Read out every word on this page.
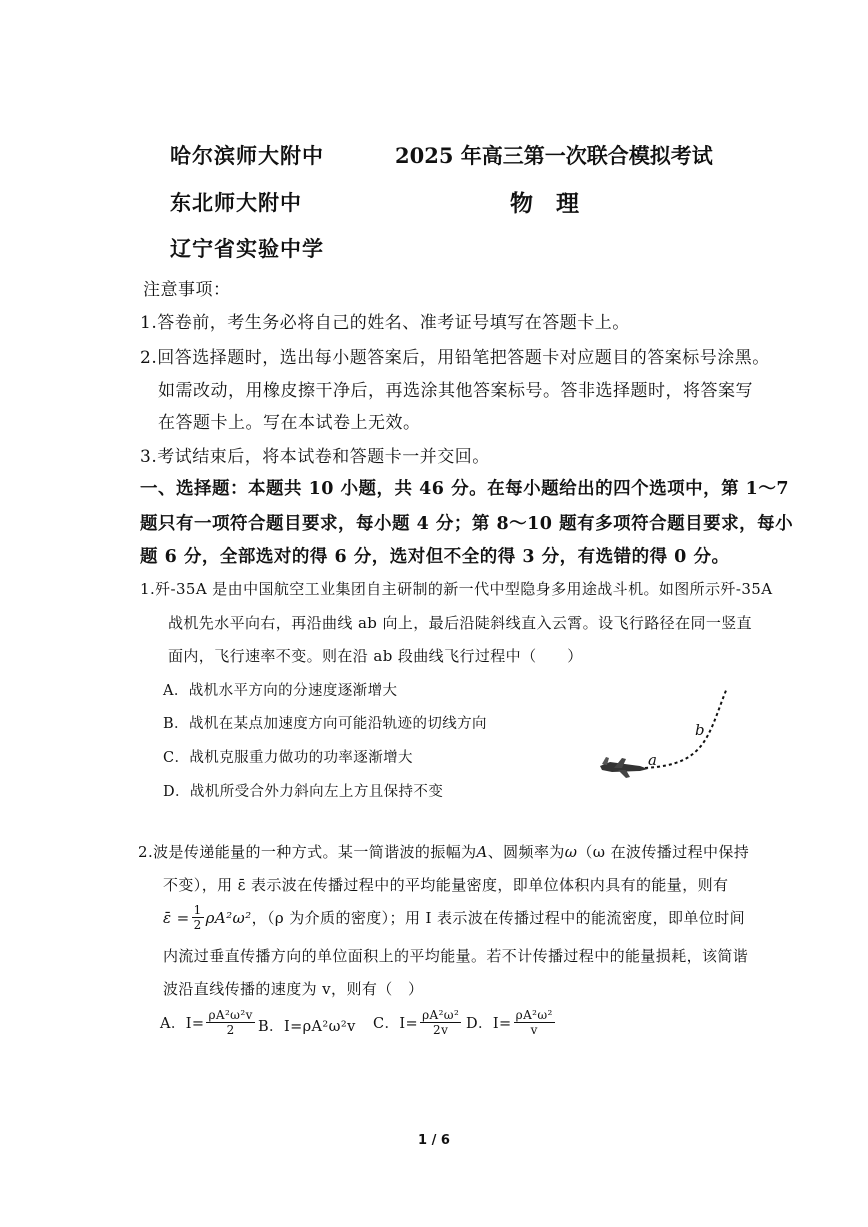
哈尔滨师大附中
东北师大附中
辽宁省实验中学
2025 年高三第一次联合模拟考试
物　理
注意事项：
1.答卷前，考生务必将自己的姓名、准考证号填写在答题卡上。
2.回答选择题时，选出每小题答案后，用铅笔把答题卡对应题目的答案标号涂黑。
如需改动，用橡皮擦干净后，再选涂其他答案标号。答非选择题时，将答案写
在答题卡上。写在本试卷上无效。
3.考试结束后，将本试卷和答题卡一并交回。
一、选择题：本题共 10 小题，共 46 分。在每小题给出的四个选项中，第 1～7
题只有一项符合题目要求，每小题 4 分；第 8～10 题有多项符合题目要求，每小
题 6 分，全部选对的得 6 分，选对但不全的得 3 分，有选错的得 0 分。
1.歼-35A 是由中国航空工业集团自主研制的新一代中型隐身多用途战斗机。如图所示歼-35A
战机先水平向右，再沿曲线 ab 向上，最后沿陡斜线直入云霄。设飞行路径在同一竖直
面内，飞行速率不变。则在沿 ab 段曲线飞行过程中（　　）
A．战机水平方向的分速度逐渐增大
B．战机在某点加速度方向可能沿轨迹的切线方向
C．战机克服重力做功的功率逐渐增大
D．战机所受合外力斜向左上方且保持不变
a
b
2.波是传递能量的一种方式。某一简谐波的振幅为A、圆频率为ω（ω 在波传播过程中保持
不变），用 ε̄ 表示波在传播过程中的平均能量密度，即单位体积内具有的能量，则有
ε̄ = $\frac{1}{2} \rho A^2\omega^2$ ，（ρ 为介质的密度）；用 I 表示波在传播过程中的能流密度，即单位时间
内流过垂直传播方向的单位面积上的平均能量。若不计传播过程中的能量损耗，该简谐
波沿直线传播的速度为 v，则有（　）
A．$I= \frac{\text{ρA²ω²v}}{2}$ B．I=ρA²ω²v C．$I= \frac{\text{ρA²ω²}}{2v}$ D．$I= \frac{\text{ρA²ω²}}{v}$
1 / 6
